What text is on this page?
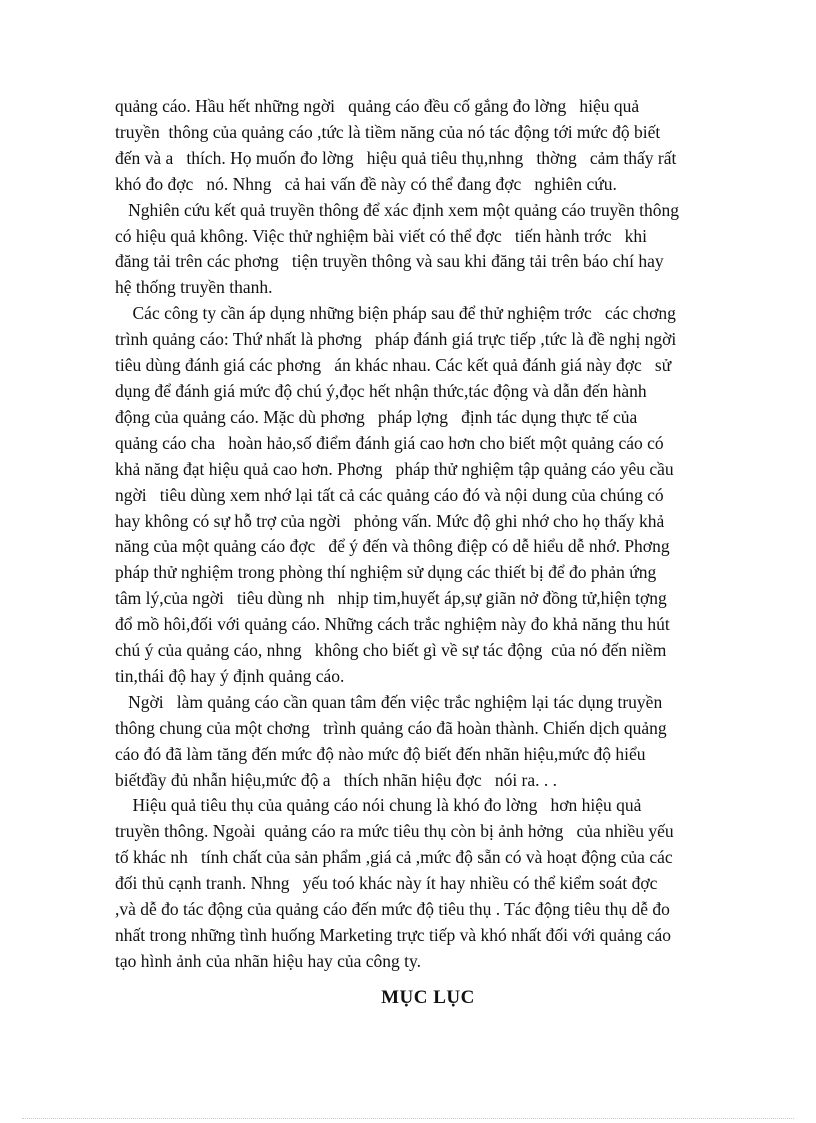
quảng cáo. Hầu hết những ngời   quảng cáo đều cố gắng đo lờng   hiệu quả

truyền  thông của quảng cáo ,tức là tiềm năng của nó tác động tới mức độ biết

đến và a   thích. Họ muốn đo lờng   hiệu quả tiêu thụ,nhng   thờng   cảm thấy rất

khó đo đợc   nó. Nhng   cả hai vấn đề này có thể đang đợc   nghiên cứu.

Nghiên cứu kết quả truyền thông để xác định xem một quảng cáo truyền thông

có hiệu quả không. Việc thử nghiệm bài viết có thể đợc   tiến hành trớc   khi

đăng tải trên các phơng   tiện truyền thông và sau khi đăng tải trên báo chí hay

hệ thống truyền thanh.

Các công ty cần áp dụng những biện pháp sau để thử nghiệm trớc   các chơng

trình quảng cáo: Thứ nhất là phơng   pháp đánh giá trực tiếp ,tức là đề nghị ngời

tiêu dùng đánh giá các phơng   án khác nhau. Các kết quả đánh giá này đợc   sử

dụng để đánh giá mức độ chú ý,đọc hết nhận thức,tác động và dẫn đến hành

động của quảng cáo. Mặc dù phơng   pháp lợng   định tác dụng thực tế của

quảng cáo cha   hoàn hảo,số điểm đánh giá cao hơn cho biết một quảng cáo có

khả năng đạt hiệu quả cao hơn. Phơng   pháp thử nghiệm tập quảng cáo yêu cầu

ngời   tiêu dùng xem nhớ lại tất cả các quảng cáo đó và nội dung của chúng có

hay không có sự hỗ trợ của ngời   phỏng vấn. Mức độ ghi nhớ cho họ thấy khả

năng của một quảng cáo đợc   để ý đến và thông điệp có dễ hiểu dễ nhớ. Phơng

pháp thử nghiệm trong phòng thí nghiệm sử dụng các thiết bị để đo phản ứng

tâm lý,của ngời   tiêu dùng nh   nhịp tim,huyết áp,sự giãn nở đồng tử,hiện tợng

đổ mồ hôi,đối với quảng cáo. Những cách trắc nghiệm này đo khả năng thu hút

chú ý của quảng cáo, nhng   không cho biết gì về sự tác động  của nó đến niềm

tin,thái độ hay ý định quảng cáo.

Ngời   làm quảng cáo cần quan tâm đến việc trắc nghiệm lại tác dụng truyền

thông chung của một chơng   trình quảng cáo đã hoàn thành. Chiến dịch quảng

cáo đó đã làm tăng đến mức độ nào mức độ biết đến nhãn hiệu,mức độ hiểu

biếtđầy đủ nhẫn hiệu,mức độ a   thích nhãn hiệu đợc   nói ra. . .

Hiệu quả tiêu thụ của quảng cáo nói chung là khó đo lờng   hơn hiệu quả

truyền thông. Ngoài  quảng cáo ra mức tiêu thụ còn bị ảnh hởng   của nhiều yếu

tố khác nh   tính chất của sản phẩm ,giá cả ,mức độ sẵn có và hoạt động của các

đối thủ cạnh tranh. Nhng   yếu toó khác này ít hay nhiều có thể kiểm soát đợc

,và dễ đo tác động của quảng cáo đến mức độ tiêu thụ . Tác động tiêu thụ dễ đo

nhất trong những tình huống Marketing trực tiếp và khó nhất đối với quảng cáo

tạo hình ảnh của nhãn hiệu hay của công ty.

MỤC LỤC
